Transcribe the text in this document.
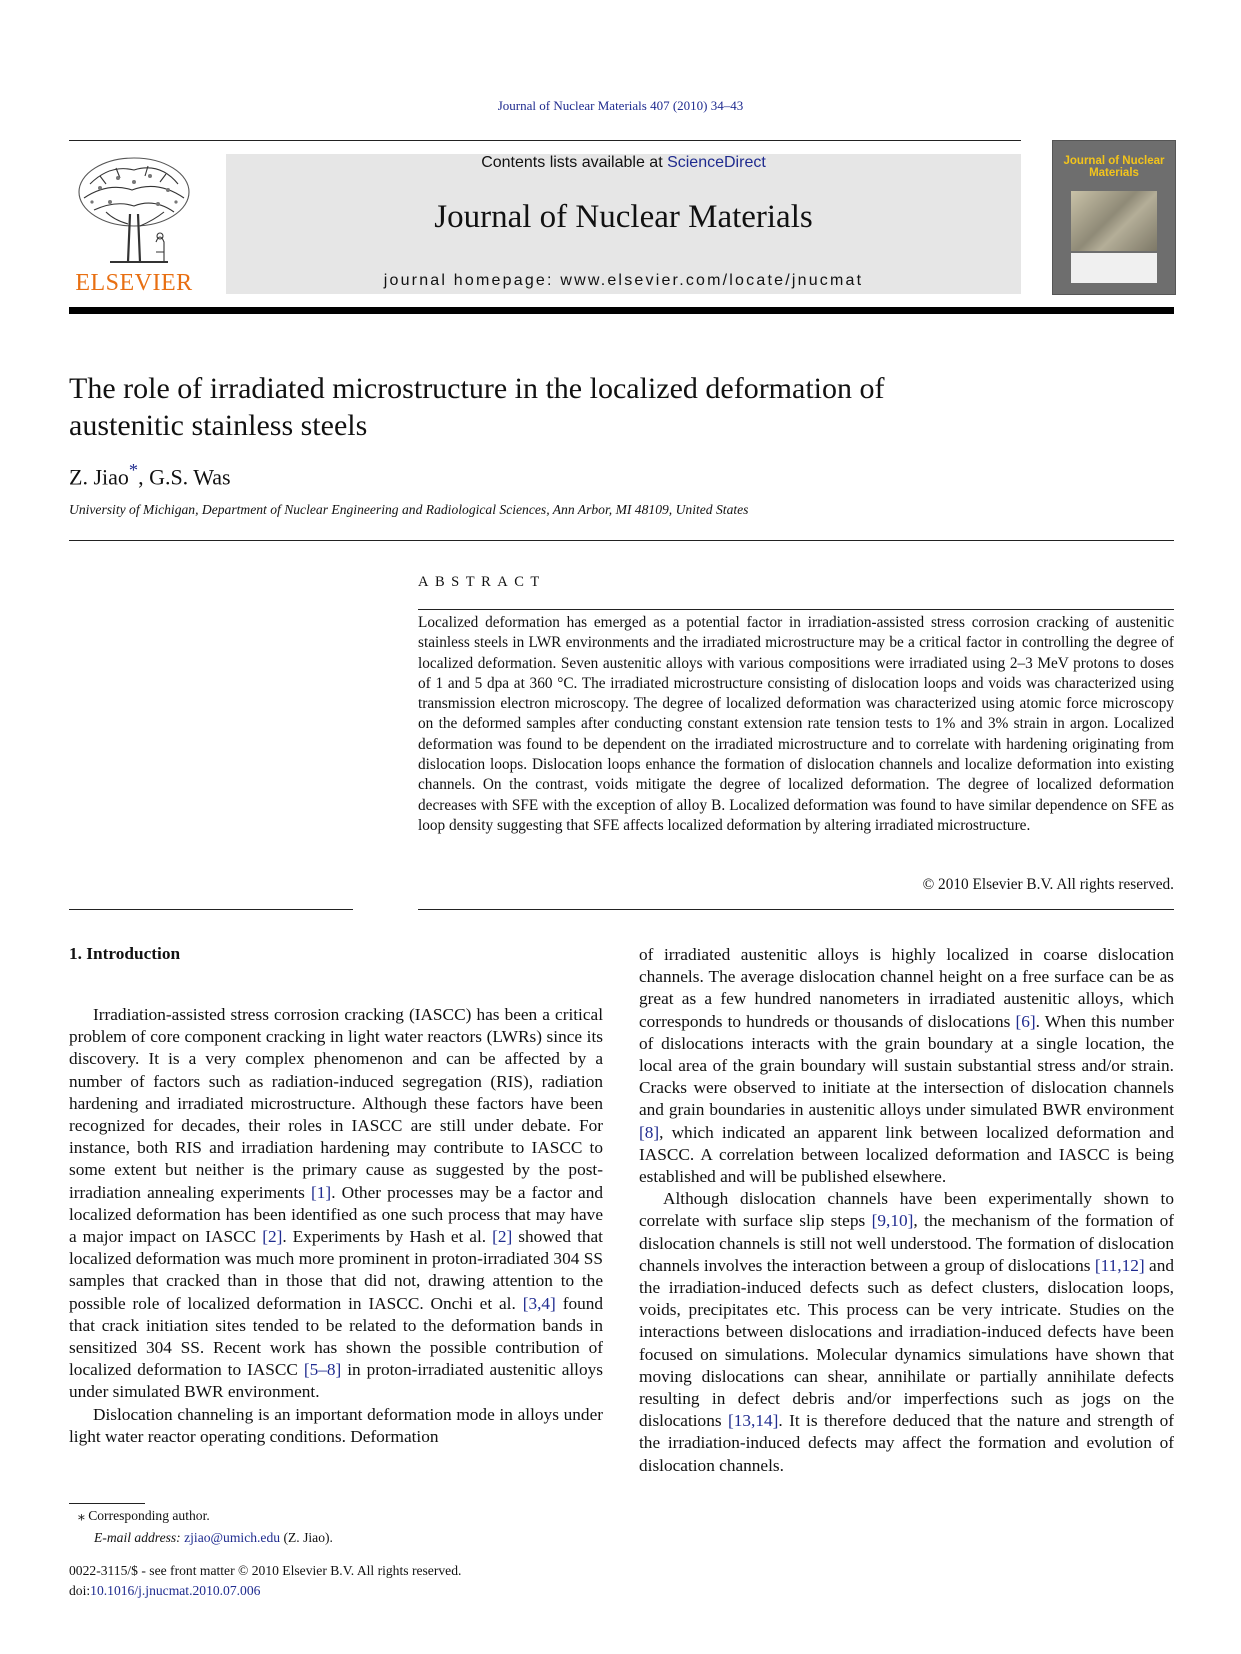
Journal of Nuclear Materials 407 (2010) 34–43
ELSEVIER
Contents lists available at ScienceDirect
Journal of Nuclear Materials
journal homepage: www.elsevier.com/locate/jnucmat
Journal of Nuclear Materials
The role of irradiated microstructure in the localized deformation of austenitic stainless steels
Z. Jiao*, G.S. Was
University of Michigan, Department of Nuclear Engineering and Radiological Sciences, Ann Arbor, MI 48109, United States
ABSTRACT
Localized deformation has emerged as a potential factor in irradiation-assisted stress corrosion cracking of austenitic stainless steels in LWR environments and the irradiated microstructure may be a critical factor in controlling the degree of localized deformation. Seven austenitic alloys with various compositions were irradiated using 2–3 MeV protons to doses of 1 and 5 dpa at 360 °C. The irradiated microstructure consisting of dislocation loops and voids was characterized using transmission electron microscopy. The degree of localized deformation was characterized using atomic force microscopy on the deformed samples after conducting constant extension rate tension tests to 1% and 3% strain in argon. Localized deformation was found to be dependent on the irradiated microstructure and to correlate with hardening originating from dislocation loops. Dislocation loops enhance the formation of dislocation channels and localize deformation into existing channels. On the contrast, voids mitigate the degree of localized deformation. The degree of localized deformation decreases with SFE with the exception of alloy B. Localized deformation was found to have similar dependence on SFE as loop density suggesting that SFE affects localized deformation by altering irradiated microstructure.
© 2010 Elsevier B.V. All rights reserved.
1. Introduction

Irradiation-assisted stress corrosion cracking (IASCC) has been a critical problem of core component cracking in light water reactors (LWRs) since its discovery. It is a very complex phenomenon and can be affected by a number of factors such as radiation-induced segregation (RIS), radiation hardening and irradiated microstructure. Although these factors have been recognized for decades, their roles in IASCC are still under debate. For instance, both RIS and irradiation hardening may contribute to IASCC to some extent but neither is the primary cause as suggested by the post-irradiation annealing experiments [1]. Other processes may be a factor and localized deformation has been identified as one such process that may have a major impact on IASCC [2]. Experiments by Hash et al. [2] showed that localized deformation was much more prominent in proton-irradiated 304 SS samples that cracked than in those that did not, drawing attention to the possible role of localized deformation in IASCC. Onchi et al. [3,4] found that crack initiation sites tended to be related to the deformation bands in sensitized 304 SS. Recent work has shown the possible contribution of localized deformation to IASCC [5–8] in proton-irradiated austenitic alloys under simulated BWR environment.

Dislocation channeling is an important deformation mode in alloys under light water reactor operating conditions. Deformation

of irradiated austenitic alloys is highly localized in coarse dislocation channels. The average dislocation channel height on a free surface can be as great as a few hundred nanometers in irradiated austenitic alloys, which corresponds to hundreds or thousands of dislocations [6]. When this number of dislocations interacts with the grain boundary at a single location, the local area of the grain boundary will sustain substantial stress and/or strain. Cracks were observed to initiate at the intersection of dislocation channels and grain boundaries in austenitic alloys under simulated BWR environment [8], which indicated an apparent link between localized deformation and IASCC. A correlation between localized deformation and IASCC is being established and will be published elsewhere.

Although dislocation channels have been experimentally shown to correlate with surface slip steps [9,10], the mechanism of the formation of dislocation channels is still not well understood. The formation of dislocation channels involves the interaction between a group of dislocations [11,12] and the irradiation-induced defects such as defect clusters, dislocation loops, voids, precipitates etc. This process can be very intricate. Studies on the interactions between dislocations and irradiation-induced defects have been focused on simulations. Molecular dynamics simulations have shown that moving dislocations can shear, annihilate or partially annihilate defects resulting in defect debris and/or imperfections such as jogs on the dislocations [13,14]. It is therefore deduced that the nature and strength of the irradiation-induced defects may affect the formation and evolution of dislocation channels.

⁎ Corresponding author.
E-mail address: zjiao@umich.edu (Z. Jiao).
0022-3115/$ - see front matter © 2010 Elsevier B.V. All rights reserved.
doi:10.1016/j.jnucmat.2010.07.006
